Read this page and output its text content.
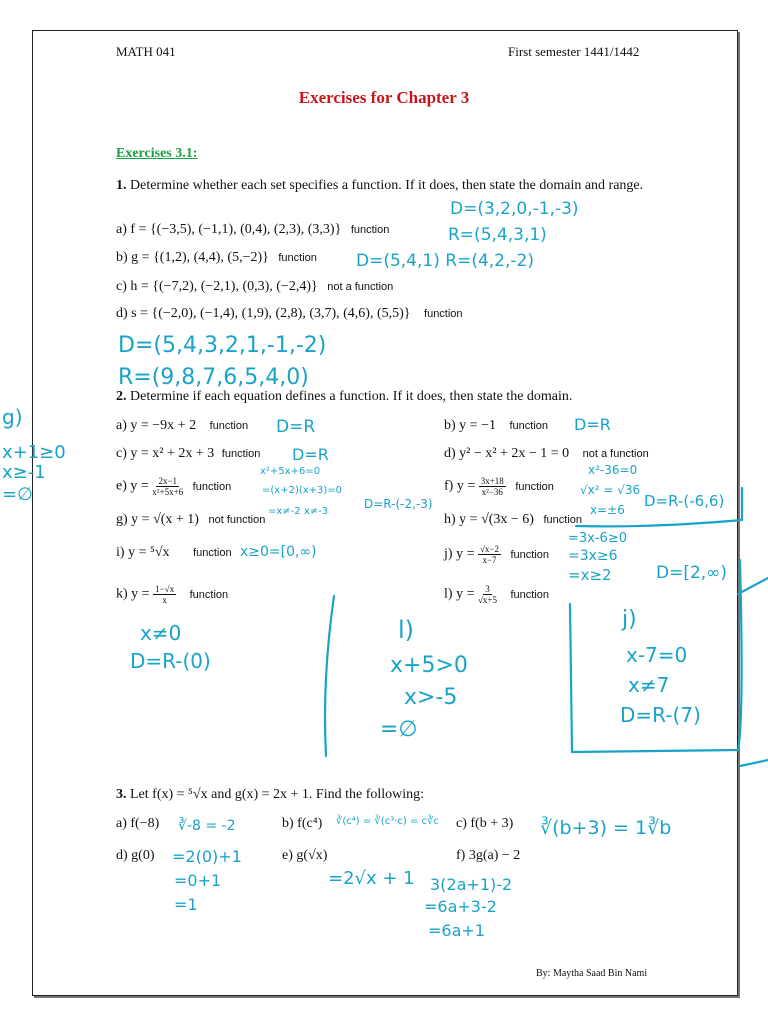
MATH 041	First semester 1441/1442
Exercises for Chapter 3
Exercises 3.1:
1. Determine whether each set specifies a function. If it does, then state the domain and range.
a) f = {(−3,5), (−1,1), (0,4), (2,3), (3,3)} function
b) g = {(1,2), (4,4), (5,−2)} function
c) h = {(−7,2), (−2,1), (0,3), (−2,4)} not a function
d) s = {(−2,0), (−1,4), (1,9), (2,8), (3,7), (4,6), (5,5)} function
2. Determine if each equation defines a function. If it does, then state the domain.
a) y = −9x + 2 function	b) y = −1 function
c) y = x² + 2x + 3 function	d) y² − x² + 2x − 1 = 0 not a function
e) $y = \frac{2x-1}{\text{x²+5x+6}}$ function	f) $y = \frac{3x+18}{\text{x²−36}}$ function
g) y = √(x + 1) not function	h) y = √(3x − 6) function
i) y = ⁵√x function	j) $y = \frac{√x-2}{x-7}$ function
k) $y = \frac{1-√x}{x}$ function	l) $y = \frac{3}{√x+5}$ function
3. Let f(x) = ⁵√x and g(x) = 2x + 1. Find the following:
a) f(−8)	b) f(c⁴)	c) f(b + 3)
d) g(0)	e) g(√x)	f) 3g(a) − 2
By: Maytha Saad Bin Nami
D=(3,2,0,-1,-3)
R=(5,4,3,1)
D=(5,4,1) R=(4,2,-2)
D=(5,4,3,2,1,-1,-2)
R=(9,8,7,6,5,4,0)
D=R	D=R
D=R
x²+5x+6=0
=(x+2)(x+3)=0
=x≠-2 x≠-3
D=R-(-2,-3)
x²-36=0
√x² = √36
x=±6 D=R-(-6,6)
=3x-6≥0
=3x≥6
=x≥2	D=[2,∞)
x≥0=[0,∞)
x≠0
D=R-(0)
l)
x+5>0
x>-5
=∅
j)
x-7=0
x≠7
D=R-(7)
g)
x+1≥0
x≥-1
=∅
∛-8 = -2	∛(c⁴) = ∛(c³·c) = c∛c	∛(b+3) = 1∛b
=2(0)+1
=0+1
=1
=2√x + 1 3(2a+1)-2
=6a+3-2
=6a+1
